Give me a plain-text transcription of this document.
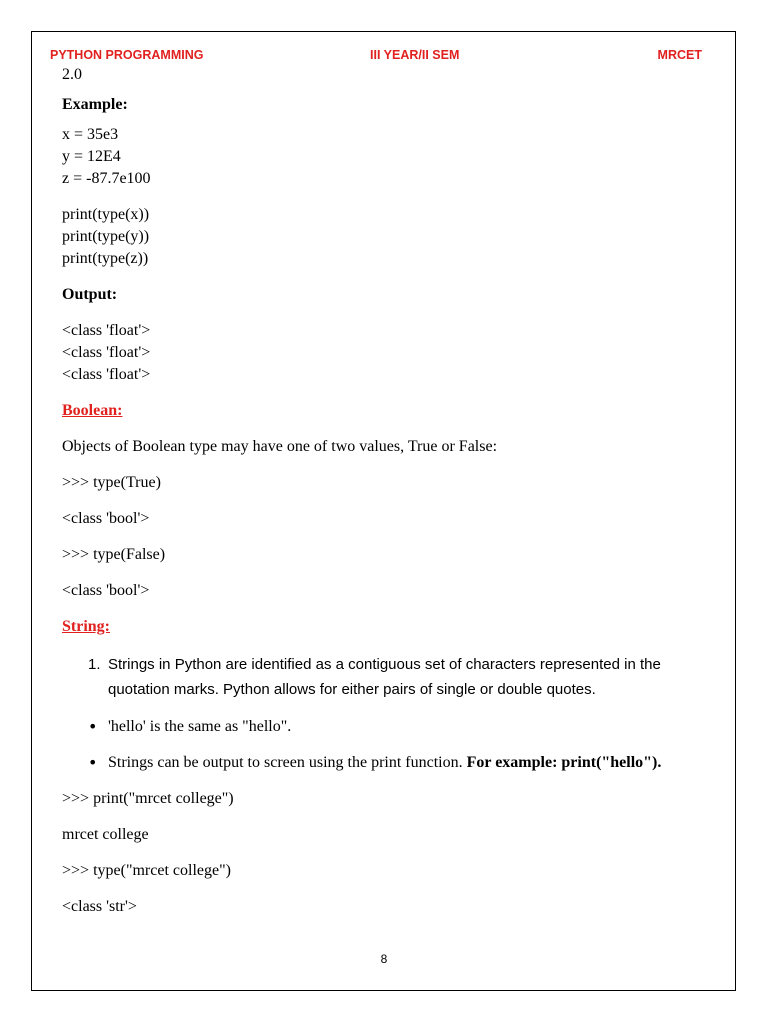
PYTHON PROGRAMMING	III YEAR/II SEM	MRCET
2.0
Example:
x = 35e3
y = 12E4
z = -87.7e100
print(type(x))
print(type(y))
print(type(z))
Output:
<class 'float'>
<class 'float'>
<class 'float'>
Boolean:
Objects of Boolean type may have one of two values, True or False:
>>> type(True)
<class 'bool'>
>>> type(False)
<class 'bool'>
String:
1. Strings in Python are identified as a contiguous set of characters represented in the
quotation marks. Python allows for either pairs of single or double quotes.
• 'hello' is the same as "hello".
• Strings can be output to screen using the print function. For example: print("hello").
>>> print("mrcet college")
mrcet college
>>> type("mrcet college")
<class 'str'>
8
